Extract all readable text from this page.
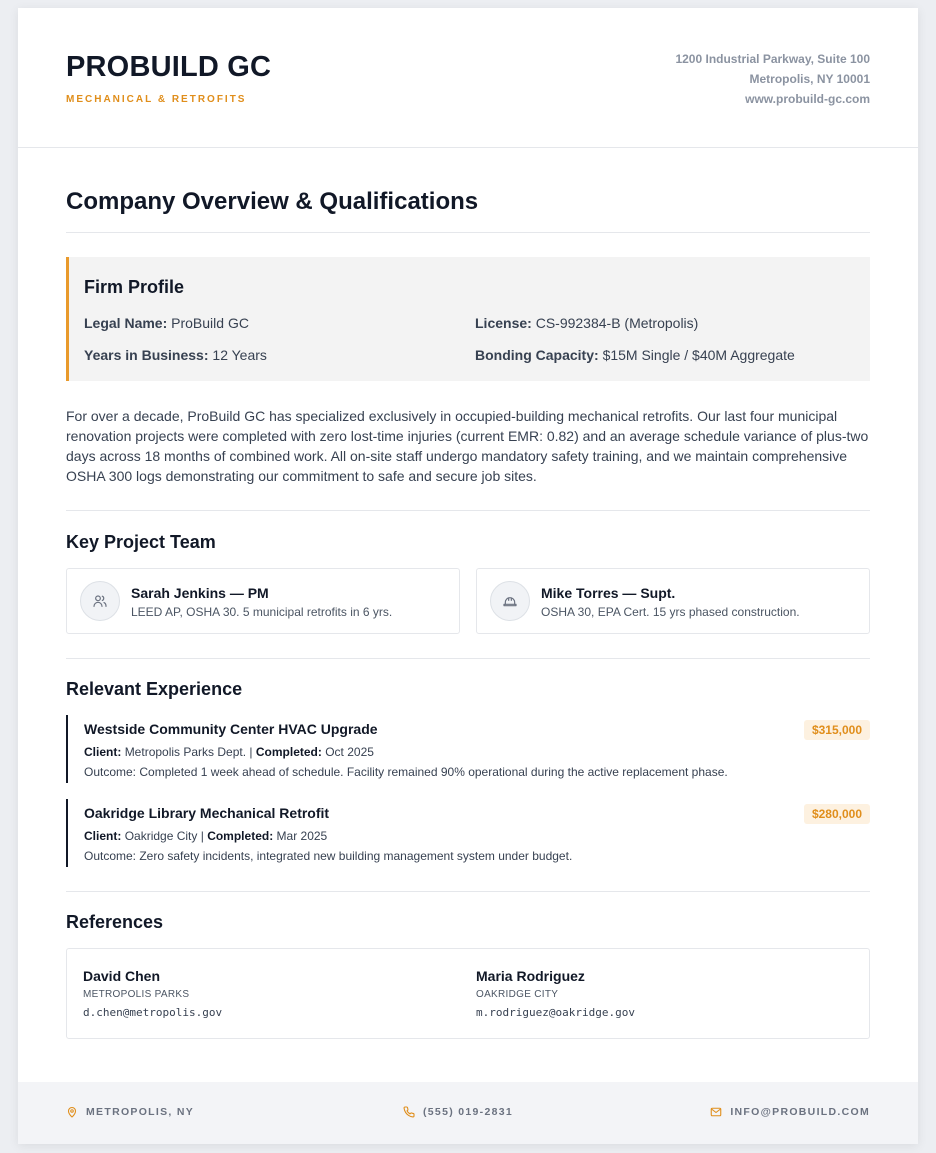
PROBUILD GC
MECHANICAL & RETROFITS
1200 Industrial Parkway, Suite 100
Metropolis, NY 10001
www.probuild-gc.com
Company Overview & Qualifications
Firm Profile
Legal Name: ProBuild GC	License: CS-992384-B (Metropolis)
Years in Business: 12 Years	Bonding Capacity: $15M Single / $40M Aggregate

For over a decade, ProBuild GC has specialized exclusively in occupied-building mechanical retrofits. Our last four municipal renovation projects were completed with zero lost-time injuries (current EMR: 0.82) and an average schedule variance of plus-two days across 18 months of combined work. All on-site staff undergo mandatory safety training, and we maintain comprehensive OSHA 300 logs demonstrating our commitment to safe and secure job sites.

Key Project Team
Sarah Jenkins — PM
LEED AP, OSHA 30. 5 municipal retrofits in 6 yrs.
Mike Torres — Supt.
OSHA 30, EPA Cert. 15 yrs phased construction.
Relevant Experience
Westside Community Center HVAC Upgrade
Client: Metropolis Parks Dept. | Completed: Oct 2025
Outcome: Completed 1 week ahead of schedule. Facility remained 90% operational during the active replacement phase.
$315,000
Oakridge Library Mechanical Retrofit
Client: Oakridge City | Completed: Mar 2025
Outcome: Zero safety incidents, integrated new building management system under budget.
$280,000
References
David Chen
METROPOLIS PARKS
d.chen@metropolis.gov
Maria Rodriguez
OAKRIDGE CITY
m.rodriguez@oakridge.gov
METROPOLIS, NY	(555) 019-2831	INFO@PROBUILD.COM
